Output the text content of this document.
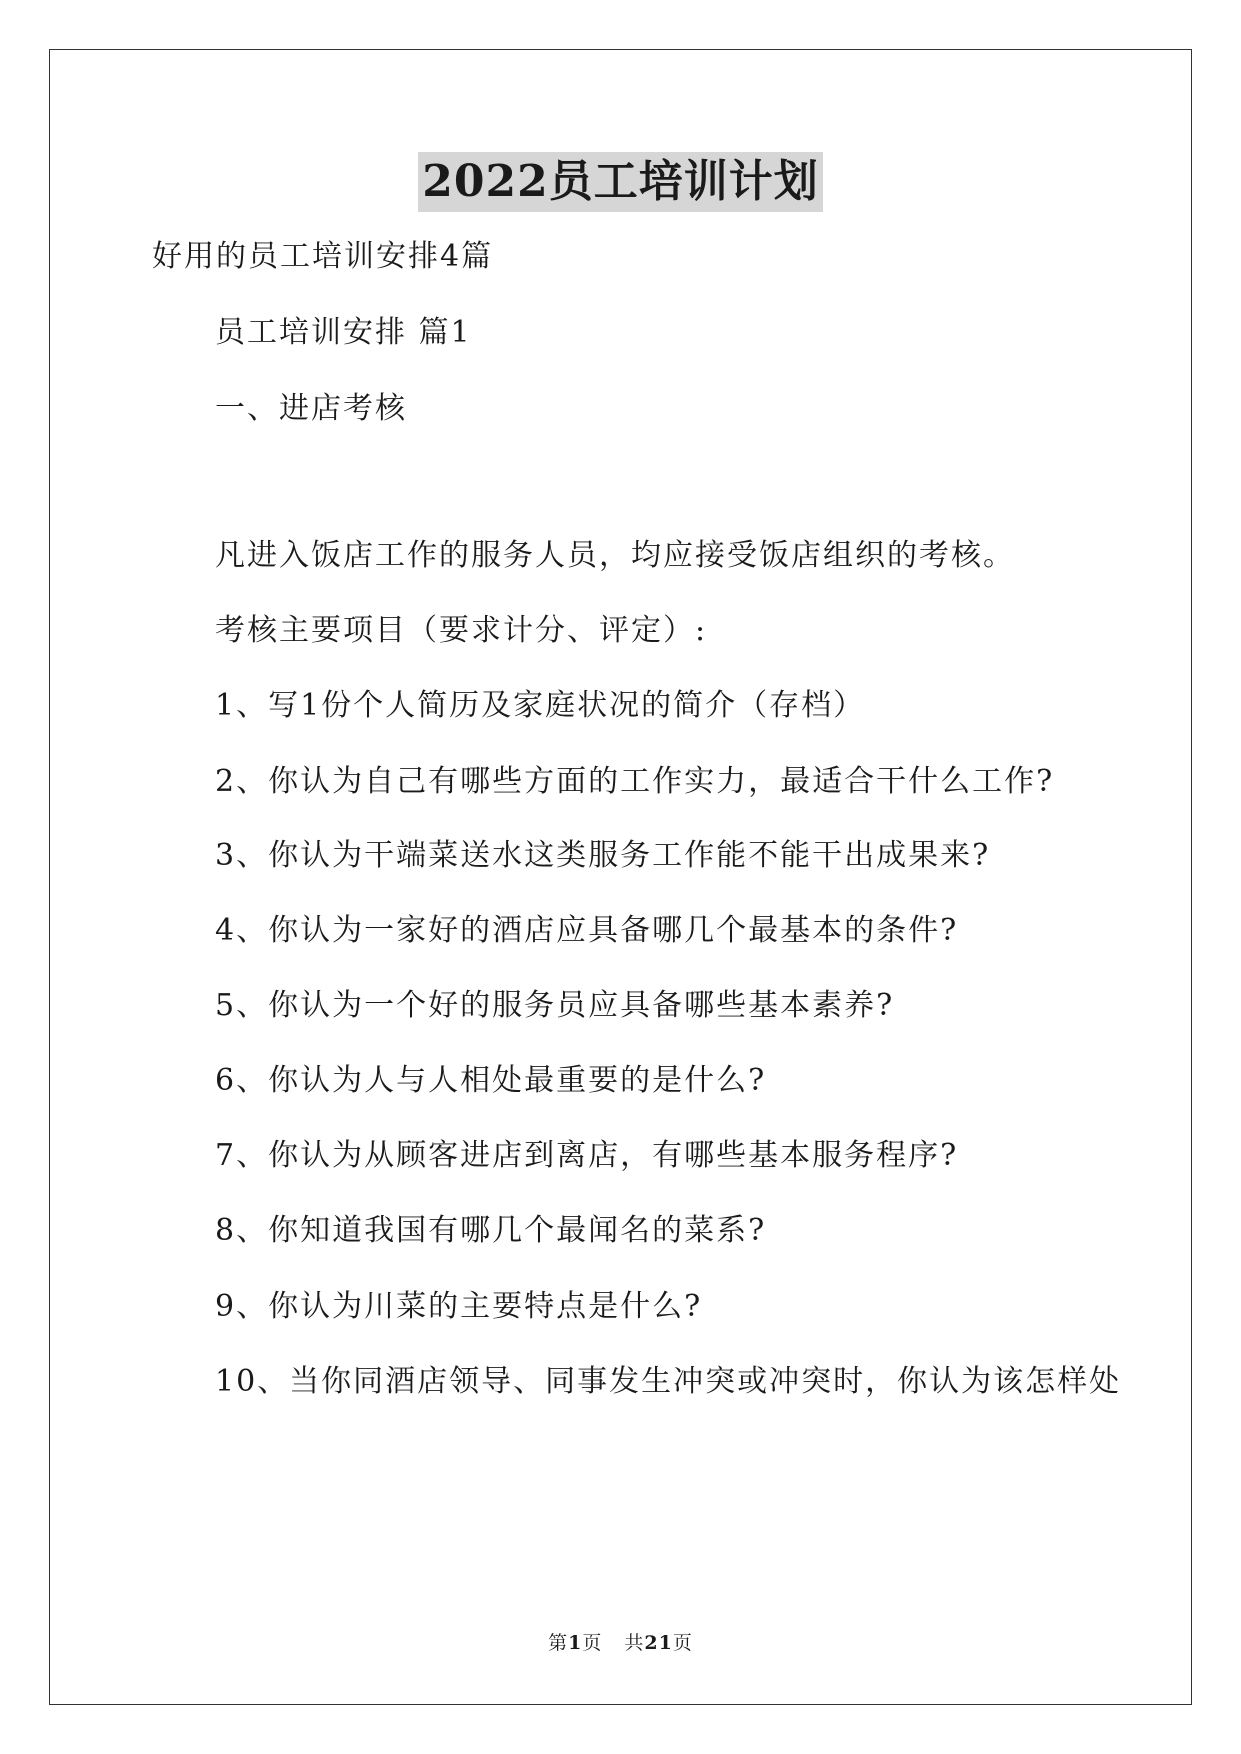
2022员工培训计划
好用的员工培训安排4篇
员工培训安排 篇1
一、进店考核
凡进入饭店工作的服务人员，均应接受饭店组织的考核。
考核主要项目（要求计分、评定）:
1、写1份个人简历及家庭状况的简介（存档）
2、你认为自己有哪些方面的工作实力，最适合干什么工作?
3、你认为干端菜送水这类服务工作能不能干出成果来?
4、你认为一家好的酒店应具备哪几个最基本的条件?
5、你认为一个好的服务员应具备哪些基本素养?
6、你认为人与人相处最重要的是什么?
7、你认为从顾客进店到离店，有哪些基本服务程序?
8、你知道我国有哪几个最闻名的菜系?
9、你认为川菜的主要特点是什么?
10、当你同酒店领导、同事发生冲突或冲突时，你认为该怎样处
第1页 共21页
